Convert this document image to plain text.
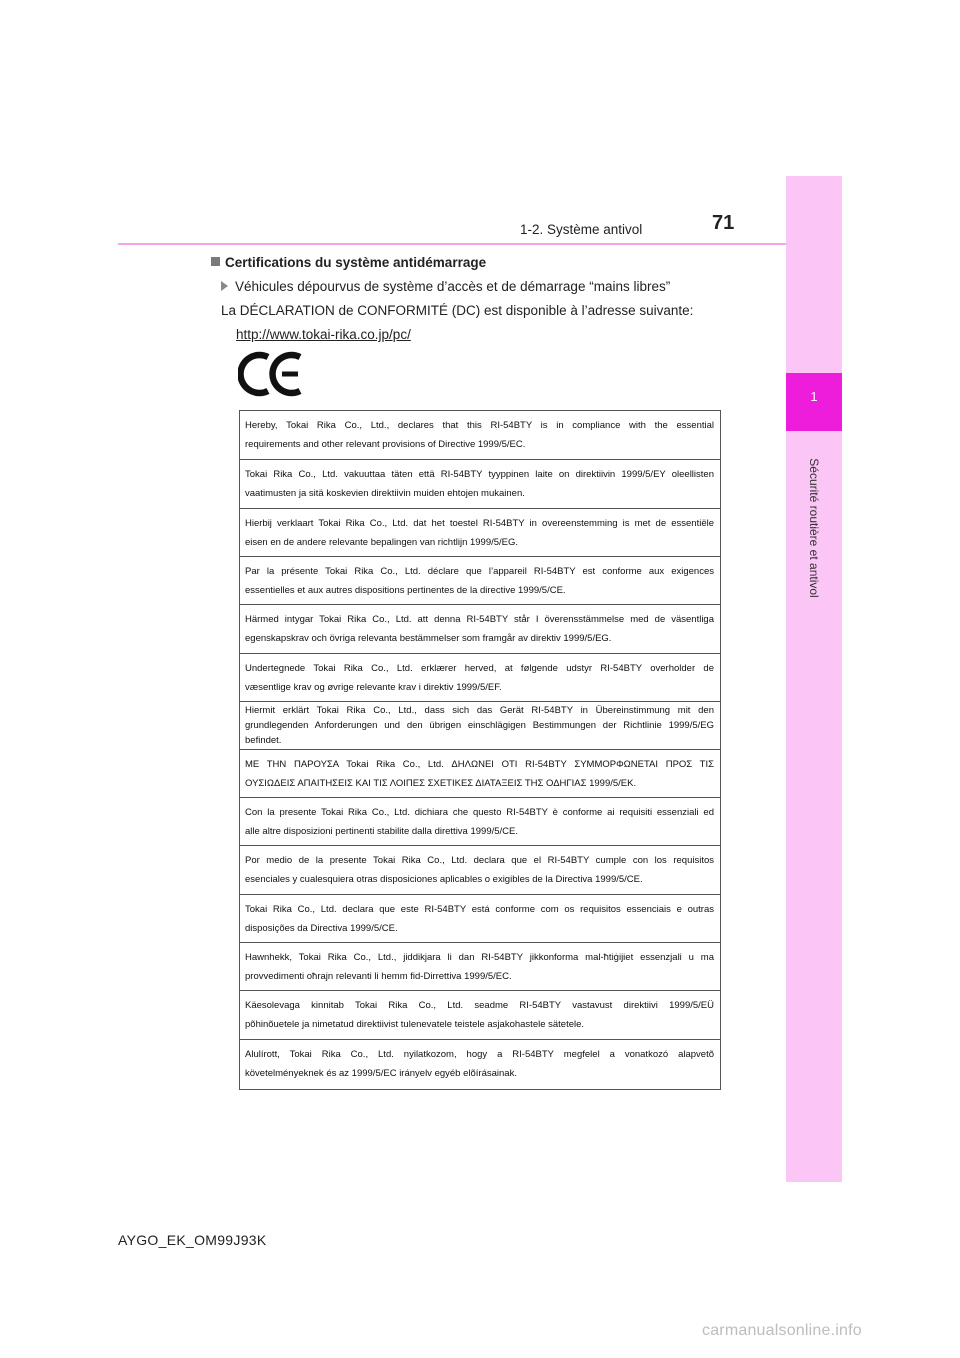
1
Sécurité routière et antivol
1-2. Système antivol	71
Certifications du système antidémarrage
Véhicules dépourvus de système d’accès et de démarrage “mains libres”
La DÉCLARATION de CONFORMITÉ (DC) est disponible à l’adresse suivante:
http://www.tokai-rika.co.jp/pc/
Hereby, Tokai Rika Co., Ltd., declares that this RI-54BTY is in compliance with the essential
requirements and other relevant provisions of Directive 1999/5/EC.
Tokai Rika Co., Ltd. vakuuttaa täten että RI-54BTY tyyppinen laite on direktiivin 1999/5/EY oleellisten
vaatimusten ja sitä koskevien direktiivin muiden ehtojen mukainen.
Hierbij verklaart Tokai Rika Co., Ltd. dat het toestel RI-54BTY in overeenstemming is met de essentiële
eisen en de andere relevante bepalingen van richtlijn 1999/5/EG.
Par la présente Tokai Rika Co., Ltd. déclare que l’appareil RI-54BTY est conforme aux exigences
essentielles et aux autres dispositions pertinentes de la directive 1999/5/CE.
Härmed intygar Tokai Rika Co., Ltd. att denna RI-54BTY står I överensstämmelse med de väsentliga
egenskapskrav och övriga relevanta bestämmelser som framgår av direktiv 1999/5/EG.
Undertegnede Tokai Rika Co., Ltd. erklærer herved, at følgende udstyr RI-54BTY overholder de
væsentlige krav og øvrige relevante krav i direktiv 1999/5/EF.
Hiermit erklärt Tokai Rika Co., Ltd., dass sich das Gerät RI-54BTY in Übereinstimmung mit den
grundlegenden Anforderungen und den übrigen einschlägigen Bestimmungen der Richtlinie 1999/5/EG
befindet.
ΜΕ ΤΗΝ ΠΑΡΟΥΣΑ Tokai Rika Co., Ltd. ΔΗΛΩΝΕΙ ΟΤΙ RI-54BTY ΣΥΜΜΟΡΦΩΝΕΤΑΙ ΠΡΟΣ ΤΙΣ
ΟΥΣΙΩΔΕΙΣ ΑΠΑΙΤΗΣΕΙΣ ΚΑΙ ΤΙΣ ΛΟΙΠΕΣ ΣΧΕΤΙΚΕΣ ΔΙΑΤΑΞΕΙΣ ΤΗΣ ΟΔΗΓΙΑΣ 1999/5/ΕΚ.
Con la presente Tokai Rika Co., Ltd. dichiara che questo RI-54BTY è conforme ai requisiti essenziali ed
alle altre disposizioni pertinenti stabilite dalla direttiva 1999/5/CE.
Por medio de la presente Tokai Rika Co., Ltd. declara que el RI-54BTY cumple con los requisitos
esenciales y cualesquiera otras disposiciones aplicables o exigibles de la Directiva 1999/5/CE.
Tokai Rika Co., Ltd. declara que este RI-54BTY está conforme com os requisitos essenciais e outras
disposições da Directiva 1999/5/CE.
Hawnhekk, Tokai Rika Co., Ltd., jiddikjara li dan RI-54BTY jikkonforma mal-ħtiġijiet essenzjali u ma
provvedimenti oħrajn relevanti li hemm fid-Dirrettiva 1999/5/EC.
Käesolevaga kinnitab Tokai Rika Co., Ltd. seadme RI-54BTY vastavust direktiivi 1999/5/EÜ
põhinõuetele ja nimetatud direktiivist tulenevatele teistele asjakohastele sätetele.
Alulírott, Tokai Rika Co., Ltd. nyilatkozom, hogy a RI-54BTY megfelel a vonatkozó alapvetõ
követelményeknek és az 1999/5/EC irányelv egyéb elõírásainak.
AYGO_EK_OM99J93K
carmanualsonline.info
